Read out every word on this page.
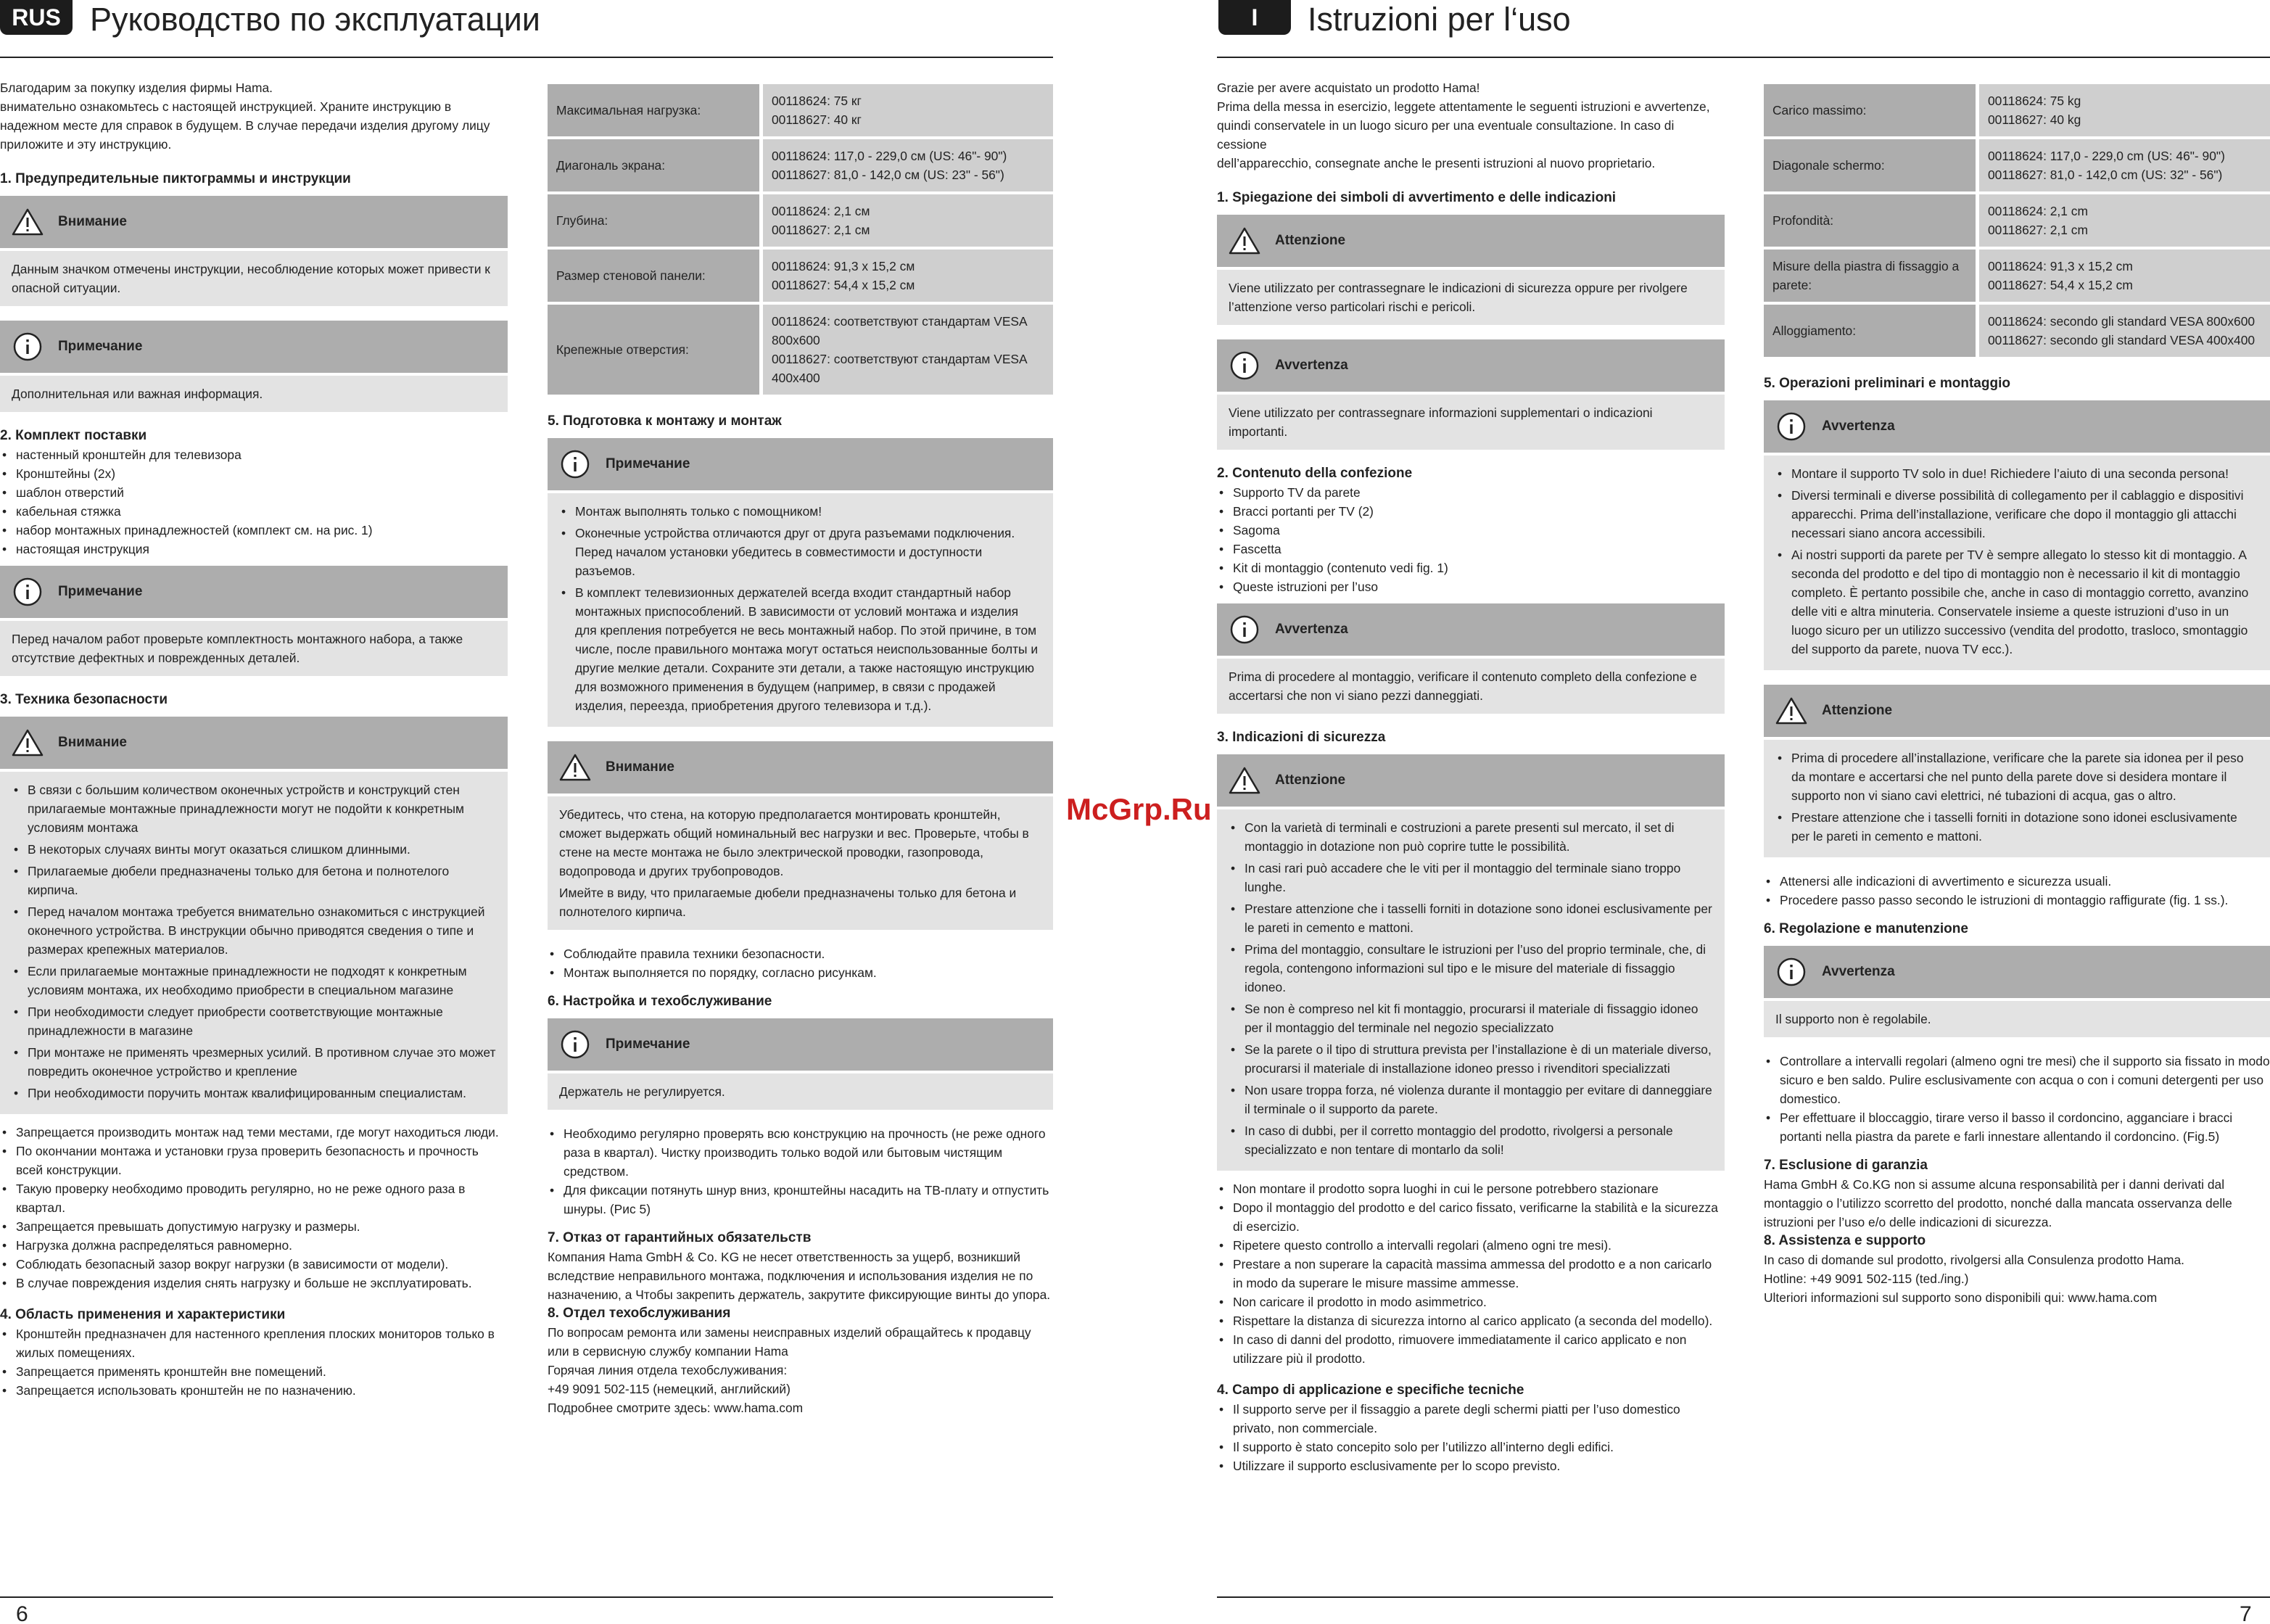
RUS Руководство по эксплуатации

Благодарим за покупку изделия фирмы Hama.

внимательно ознакомьтесь с настоящей инструкцией. Храните инструкцию в

надежном месте для справок в будущем. В случае передачи изделия другому лицу

приложите и эту инструкцию.

1. Предупредительные пиктограммы и инструкции

Внимание

Данным значком отмечены инструкции, несоблюдение которых может привести к опасной ситуации.

Примечание

Дополнительная или важная информация.

2. Комплект поставки

• настенный кронштейн для телевизора
• Кронштейны (2x)
• шаблон отверстий
• кабельная стяжка
• набор монтажных принадлежностей (комплект см. на рис. 1)
• настоящая инструкция
Примечание

Перед началом работ проверьте комплектность монтажного набора, а также отсутствие дефектных и поврежденных деталей.

3. Техника безопасности

Внимание
• В связи с большим количеством оконечных устройств и конструкций стен прилагаемые монтажные принадлежности могут не подойти к конкретным условиям монтажа
• В некоторых случаях винты могут оказаться слишком длинными.
• Прилагаемые дюбели предназначены только для бетона и полнотелого кирпича.
• Перед началом монтажа требуется внимательно ознакомиться с инструкцией оконечного устройства. В инструкции обычно приводятся сведения о типе и размерах крепежных материалов.
• Если прилагаемые монтажные принадлежности не подходят к конкретным условиям монтажа, их необходимо приобрести в специальном магазине
• При необходимости следует приобрести соответствующие монтажные принадлежности в магазине
• При монтаже не применять чрезмерных усилий. В противном случае это может повредить оконечное устройство и крепление
• При необходимости поручить монтаж квалифицированным специалистам.
• Запрещается производить монтаж над теми местами, где могут находиться люди.
• По окончании монтажа и установки груза проверить безопасность и прочность всей конструкции.
• Такую проверку необходимо проводить регулярно, но не реже одного раза в квартал.
• Запрещается превышать допустимую нагрузку и размеры.
• Нагрузка должна распределяться равномерно.
• Соблюдать безопасный зазор вокруг нагрузки (в зависимости от модели).
• В случае повреждения изделия снять нагрузку и больше не эксплуатировать.

4. Область применения и характеристики

• Кронштейн предназначен для настенного крепления плоских мониторов только в жилых помещениях.
• Запрещается применять кронштейн вне помещений.
• Запрещается использовать кронштейн не по назначению.
Максимальная нагрузка:	00118624: 75 кг
00118627: 40 кг

Диагональ экрана:	00118624: 117,0 - 229,0 см (US: 46"- 90")
00118627: 81,0 - 142,0 см (US: 23" - 56")

Глубина:	00118624: 2,1 см
00118627: 2,1 см

Размер стеновой панели:	00118624: 91,3 x 15,2 см
00118627: 54,4 x 15,2 см

Крепежные отверстия:	00118624: соответствуют стандартам VESA 800x600
00118627: соответствуют стандартам VESA 400x400

5. Подготовка к монтажу и монтаж

Примечание
• Монтаж выполнять только с помощником!
• Оконечные устройства отличаются друг от друга разъемами подключения. Перед началом установки убедитесь в совместимости и доступности разъемов.
• В комплект телевизионных держателей всегда входит стандартный набор монтажных приспособлений. В зависимости от условий монтажа и изделия для крепления потребуется не весь монтажный набор. По этой причине, в том числе, после правильного монтажа могут остаться неиспользованные болты и другие мелкие детали. Сохраните эти детали, а также настоящую инструкцию для возможного применения в будущем (например, в связи с продажей изделия, переезда, приобретения другого телевизора и т.д.).
Внимание

Убедитесь, что стена, на которую предполагается монтировать кронштейн, сможет выдержать общий номинальный вес нагрузки и вес. Проверьте, чтобы в стене на месте монтажа не было электрической проводки, газопровода, водопровода и других трубопроводов.

Имейте в виду, что прилагаемые дюбели предназначены только для бетона и полнотелого кирпича.

• Соблюдайте правила техники безопасности.
• Монтаж выполняется по порядку, согласно рисункам.

6. Настройка и техобслуживание

Примечание

Держатель не регулируется.

• Необходимо регулярно проверять всю конструкцию на прочность (не реже одного раза в квартал). Чистку производить только водой или бытовым чистящим средством.
• Для фиксации потянуть шнур вниз, кронштейны насадить на ТВ-плату и отпустить шнуры. (Рис 5)

7. Отказ от гарантийных обязательств

Компания Hama GmbH & Co. KG не несет ответственность за ущерб, возникший вследствие неправильного монтажа, подключения и использования изделия не по назначению, а Чтобы закрепить держатель, закрутите фиксирующие винты до упора.

8. Отдел техобслуживания

По вопросам ремонта или замены неисправных изделий обращайтесь к продавцу

или в сервисную службу компании Hama

Горячая линия отдела техобслуживания:

+49 9091 502-115 (немецкий, английский)

Подробнее смотрите здесь: www.hama.com

6
McGrp.Ru
I	Istruzioni per l‘uso

Grazie per avere acquistato un prodotto Hama!

Prima della messa in esercizio, leggete attentamente le seguenti istruzioni e avvertenze,

quindi conservatele in un luogo sicuro per una eventuale consultazione. In caso di cessione

dell’apparecchio, consegnate anche le presenti istruzioni al nuovo proprietario.

1. Spiegazione dei simboli di avvertimento e delle indicazioni

Attenzione

Viene utilizzato per contrassegnare le indicazioni di sicurezza oppure per rivolgere l’attenzione verso particolari rischi e pericoli.

Avvertenza

Viene utilizzato per contrassegnare informazioni supplementari o indicazioni importanti.

2. Contenuto della confezione

• Supporto TV da parete
• Bracci portanti per TV (2)
• Sagoma
• Fascetta
• Kit di montaggio (contenuto vedi fig. 1)
• Queste istruzioni per l’uso
Avvertenza

Prima di procedere al montaggio, verificare il contenuto completo della confezione e accertarsi che non vi siano pezzi danneggiati.

3. Indicazioni di sicurezza

Attenzione
• Con la varietà di terminali e costruzioni a parete presenti sul mercato, il set di montaggio in dotazione non può coprire tutte le possibilità.
• In casi rari può accadere che le viti per il montaggio del terminale siano troppo lunghe.
• Prestare attenzione che i tasselli forniti in dotazione sono idonei esclusivamente per le pareti in cemento e mattoni.
• Prima del montaggio, consultare le istruzioni per l’uso del proprio terminale, che, di regola, contengono informazioni sul tipo e le misure del materiale di fissaggio idoneo.
• Se non è compreso nel kit fi montaggio, procurarsi il materiale di fissaggio idoneo per il montaggio del terminale nel negozio specializzato
• Se la parete o il tipo di struttura prevista per l’installazione è di un materiale diverso, procurarsi il materiale di installazione idoneo presso i rivenditori specializzati
• Non usare troppa forza, né violenza durante il montaggio per evitare di danneggiare il terminale o il supporto da parete.
• In caso di dubbi, per il corretto montaggio del prodotto, rivolgersi a personale specializzato e non tentare di montarlo da soli!
• Non montare il prodotto sopra luoghi in cui le persone potrebbero stazionare
• Dopo il montaggio del prodotto e del carico fissato, verificarne la stabilità e la sicurezza di esercizio.
• Ripetere questo controllo a intervalli regolari (almeno ogni tre mesi).
• Prestare a non superare la capacità massima ammessa del prodotto e a non caricarlo in modo da superare le misure massime ammesse.
• Non caricare il prodotto in modo asimmetrico.
• Rispettare la distanza di sicurezza intorno al carico applicato (a seconda del modello).
• In caso di danni del prodotto, rimuovere immediatamente il carico applicato e non utilizzare più il prodotto.

4. Campo di applicazione e specifiche tecniche

• Il supporto serve per il fissaggio a parete degli schermi piatti per l’uso domestico privato, non commerciale.
• Il supporto è stato concepito solo per l’utilizzo all’interno degli edifici.
• Utilizzare il supporto esclusivamente per lo scopo previsto.
Carico massimo:	00118624: 75 kg
00118627: 40 kg

Diagonale schermo:	00118624: 117,0 - 229,0 cm (US: 46"- 90")
00118627: 81,0 - 142,0 cm (US: 32" - 56")

Profondità:	00118624: 2,1 cm
00118627: 2,1 cm

Misure della piastra di fissaggio a parete:	00118624: 91,3 x 15,2 cm
00118627: 54,4 x 15,2 cm

Alloggiamento:	00118624: secondo gli standard VESA 800x600
00118627: secondo gli standard VESA 400x400

5. Operazioni preliminari e montaggio

Avvertenza
• Montare il supporto TV solo in due! Richiedere l’aiuto di una seconda persona!
• Diversi terminali e diverse possibilità di collegamento per il cablaggio e dispositivi apparecchi. Prima dell’installazione, verificare che dopo il montaggio gli attacchi necessari siano ancora accessibili.
• Ai nostri supporti da parete per TV è sempre allegato lo stesso kit di montaggio. A seconda del prodotto e del tipo di montaggio non è necessario il kit di montaggio completo. È pertanto possibile che, anche in caso di montaggio corretto, avanzino delle viti e altra minuteria. Conservatele insieme a queste istruzioni d’uso in un luogo sicuro per un utilizzo successivo (vendita del prodotto, trasloco, smontaggio del supporto da parete, nuova TV ecc.).
Attenzione
• Prima di procedere all’installazione, verificare che la parete sia idonea per il peso da montare e accertarsi che nel punto della parete dove si desidera montare il supporto non vi siano cavi elettrici, né tubazioni di acqua, gas o altro.
• Prestare attenzione che i tasselli forniti in dotazione sono idonei esclusivamente per le pareti in cemento e mattoni.
• Attenersi alle indicazioni di avvertimento e sicurezza usuali.
• Procedere passo passo secondo le istruzioni di montaggio raffigurate (fig. 1 ss.).

6. Regolazione e manutenzione

Avvertenza

Il supporto non è regolabile.

• Controllare a intervalli regolari (almeno ogni tre mesi) che il supporto sia fissato in modo sicuro e ben saldo. Pulire esclusivamente con acqua o con i comuni detergenti per uso domestico.
• Per effettuare il bloccaggio, tirare verso il basso il cordoncino, agganciare i bracci portanti nella piastra da parete e farli innestare allentando il cordoncino. (Fig.5)

7. Esclusione di garanzia

Hama GmbH & Co.KG non si assume alcuna responsabilità per i danni derivati dal montaggio o l’utilizzo scorretto del prodotto, nonché dalla mancata osservanza delle istruzioni per l’uso e/o delle indicazioni di sicurezza.

8. Assistenza e supporto

In caso di domande sul prodotto, rivolgersi alla Consulenza prodotto Hama.

Hotline: +49 9091 502-115 (ted./ing.)

Ulteriori informazioni sul supporto sono disponibili qui: www.hama.com

7
